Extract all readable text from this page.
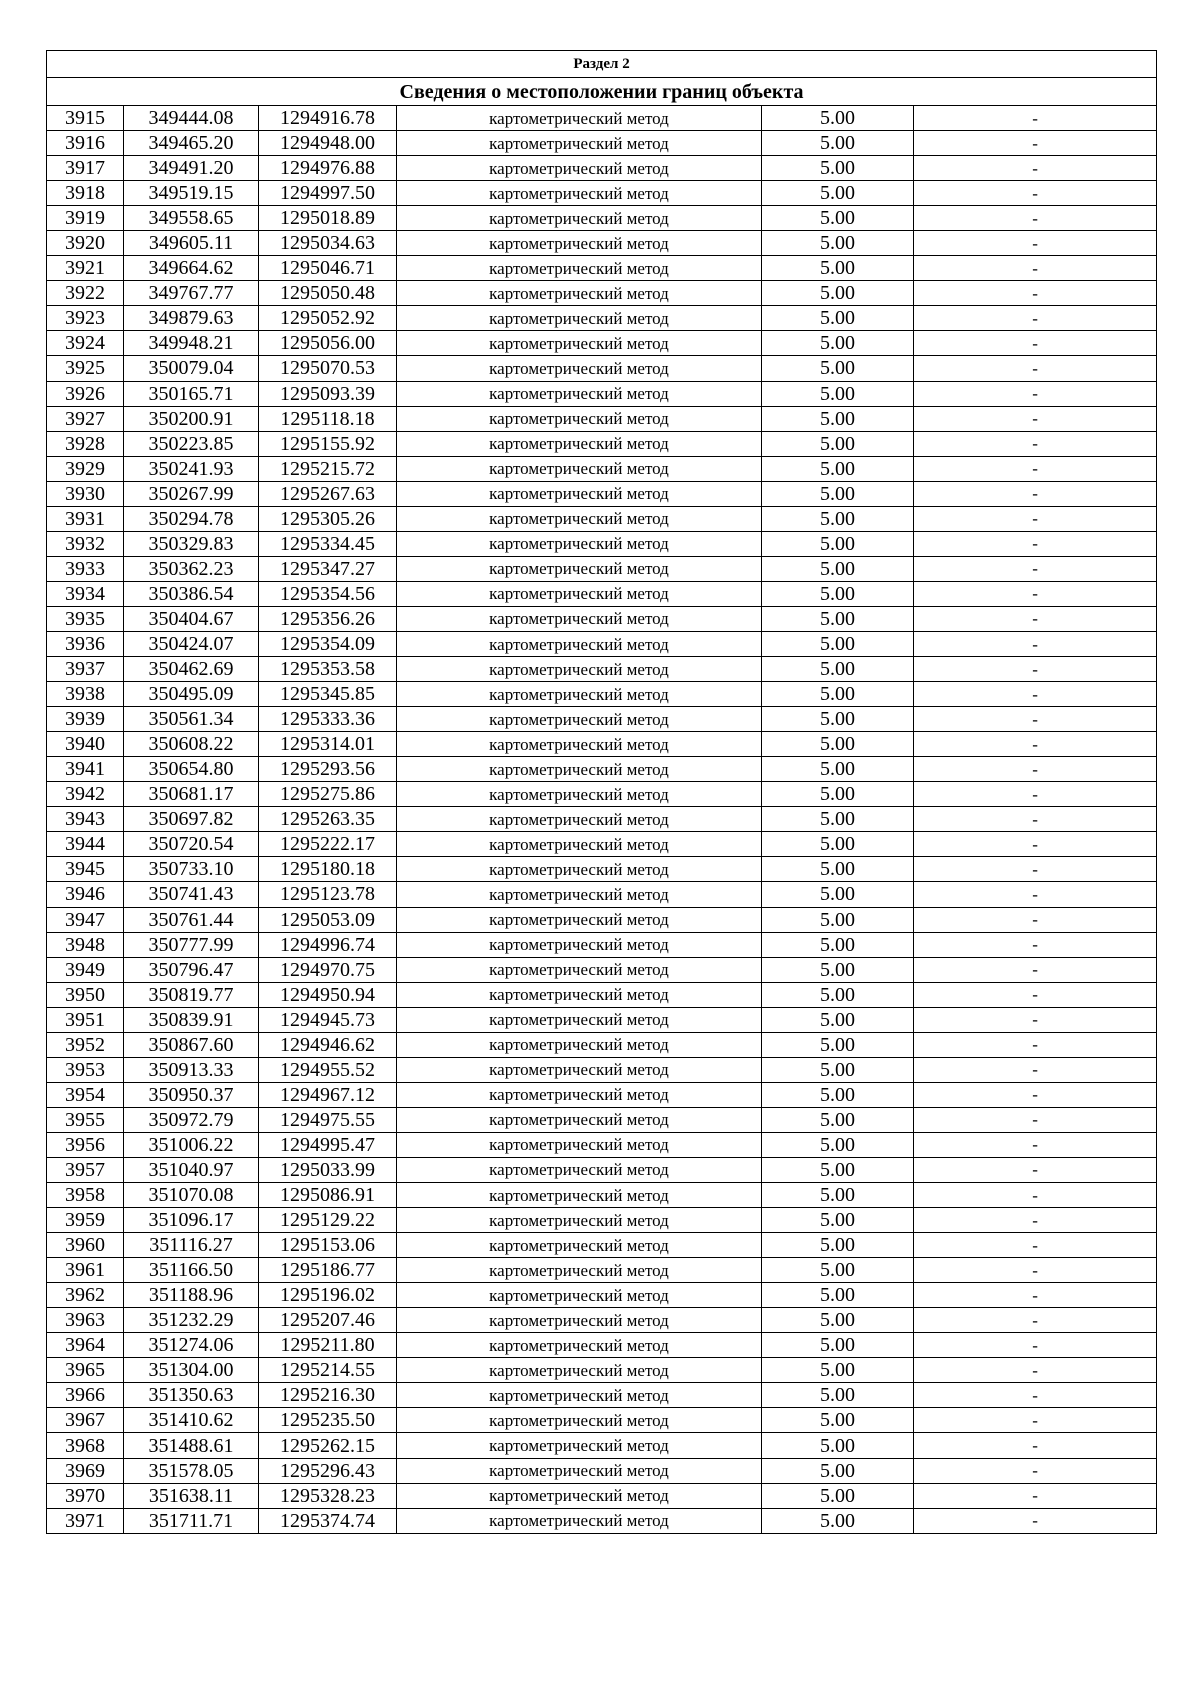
Раздел 2					
Сведения о местоположении границ объекта					
3915	349444.08	1294916.78	картометрический метод	5.00	-
3916	349465.20	1294948.00	картометрический метод	5.00	-
3917	349491.20	1294976.88	картометрический метод	5.00	-
3918	349519.15	1294997.50	картометрический метод	5.00	-
3919	349558.65	1295018.89	картометрический метод	5.00	-
3920	349605.11	1295034.63	картометрический метод	5.00	-
3921	349664.62	1295046.71	картометрический метод	5.00	-
3922	349767.77	1295050.48	картометрический метод	5.00	-
3923	349879.63	1295052.92	картометрический метод	5.00	-
3924	349948.21	1295056.00	картометрический метод	5.00	-
3925	350079.04	1295070.53	картометрический метод	5.00	-
3926	350165.71	1295093.39	картометрический метод	5.00	-
3927	350200.91	1295118.18	картометрический метод	5.00	-
3928	350223.85	1295155.92	картометрический метод	5.00	-
3929	350241.93	1295215.72	картометрический метод	5.00	-
3930	350267.99	1295267.63	картометрический метод	5.00	-
3931	350294.78	1295305.26	картометрический метод	5.00	-
3932	350329.83	1295334.45	картометрический метод	5.00	-
3933	350362.23	1295347.27	картометрический метод	5.00	-
3934	350386.54	1295354.56	картометрический метод	5.00	-
3935	350404.67	1295356.26	картометрический метод	5.00	-
3936	350424.07	1295354.09	картометрический метод	5.00	-
3937	350462.69	1295353.58	картометрический метод	5.00	-
3938	350495.09	1295345.85	картометрический метод	5.00	-
3939	350561.34	1295333.36	картометрический метод	5.00	-
3940	350608.22	1295314.01	картометрический метод	5.00	-
3941	350654.80	1295293.56	картометрический метод	5.00	-
3942	350681.17	1295275.86	картометрический метод	5.00	-
3943	350697.82	1295263.35	картометрический метод	5.00	-
3944	350720.54	1295222.17	картометрический метод	5.00	-
3945	350733.10	1295180.18	картометрический метод	5.00	-
3946	350741.43	1295123.78	картометрический метод	5.00	-
3947	350761.44	1295053.09	картометрический метод	5.00	-
3948	350777.99	1294996.74	картометрический метод	5.00	-
3949	350796.47	1294970.75	картометрический метод	5.00	-
3950	350819.77	1294950.94	картометрический метод	5.00	-
3951	350839.91	1294945.73	картометрический метод	5.00	-
3952	350867.60	1294946.62	картометрический метод	5.00	-
3953	350913.33	1294955.52	картометрический метод	5.00	-
3954	350950.37	1294967.12	картометрический метод	5.00	-
3955	350972.79	1294975.55	картометрический метод	5.00	-
3956	351006.22	1294995.47	картометрический метод	5.00	-
3957	351040.97	1295033.99	картометрический метод	5.00	-
3958	351070.08	1295086.91	картометрический метод	5.00	-
3959	351096.17	1295129.22	картометрический метод	5.00	-
3960	351116.27	1295153.06	картометрический метод	5.00	-
3961	351166.50	1295186.77	картометрический метод	5.00	-
3962	351188.96	1295196.02	картометрический метод	5.00	-
3963	351232.29	1295207.46	картометрический метод	5.00	-
3964	351274.06	1295211.80	картометрический метод	5.00	-
3965	351304.00	1295214.55	картометрический метод	5.00	-
3966	351350.63	1295216.30	картометрический метод	5.00	-
3967	351410.62	1295235.50	картометрический метод	5.00	-
3968	351488.61	1295262.15	картометрический метод	5.00	-
3969	351578.05	1295296.43	картометрический метод	5.00	-
3970	351638.11	1295328.23	картометрический метод	5.00	-
3971	351711.71	1295374.74	картометрический метод	5.00	-
